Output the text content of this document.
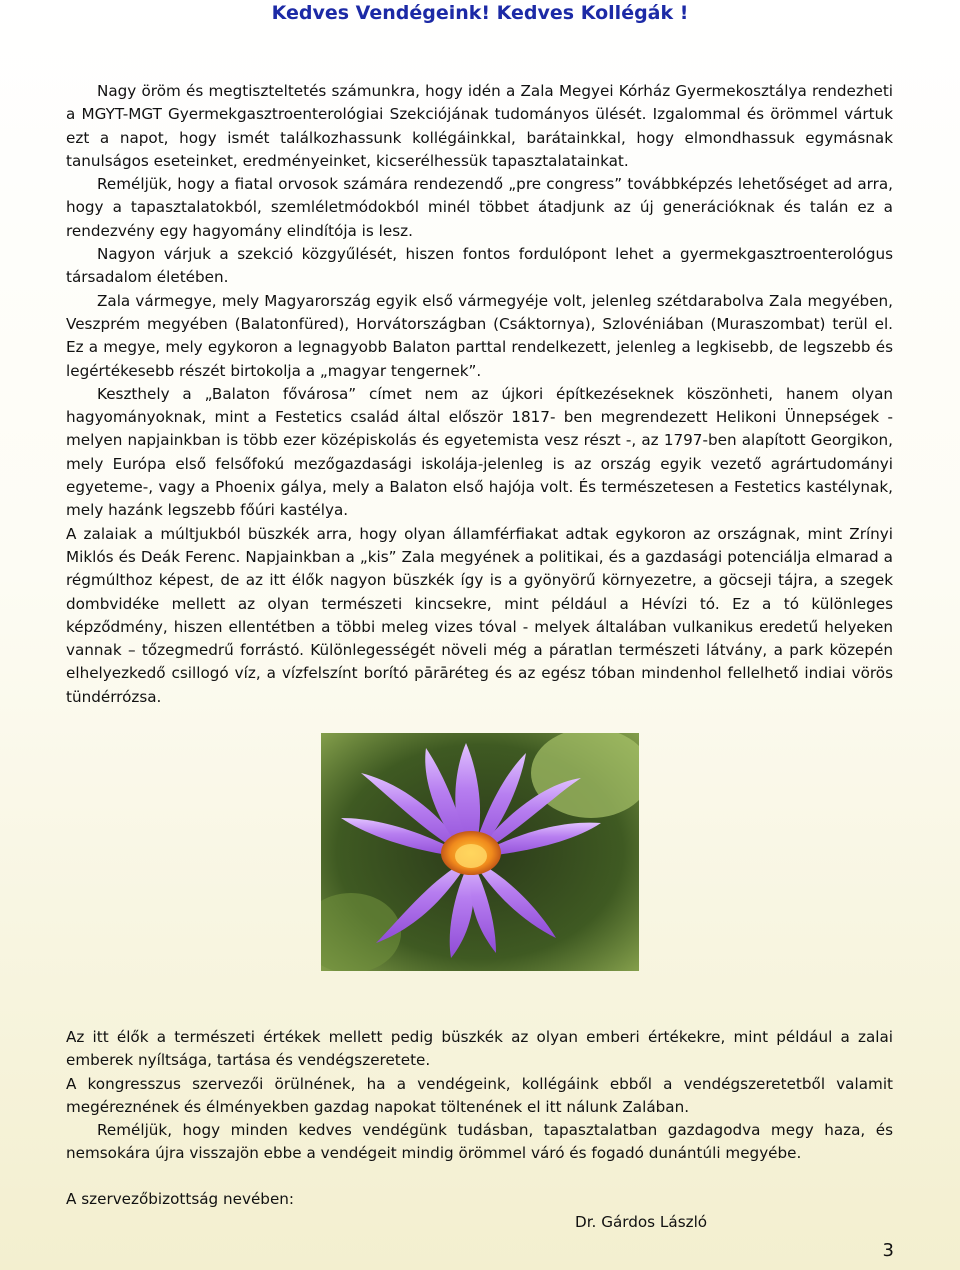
Kedves Vendégeink! Kedves Kollégák !

Nagy öröm és megtiszteltetés számunkra, hogy idén a Zala Megyei Kórház Gyermekosztálya rendezheti a MGYT-MGT Gyermekgasztroenterológiai Szekciójának tudományos ülését. Izgalommal és örömmel vártuk ezt a napot, hogy ismét találkozhassunk kollégáinkkal, barátainkkal, hogy elmondhassuk egymásnak tanulságos eseteinket, eredményeinket, kicserélhessük tapasztalatainkat.

Reméljük, hogy a fiatal orvosok számára rendezendő „pre congress” továbbképzés lehetőséget ad arra, hogy a tapasztalatokból, szemléletmódokból minél többet átadjunk az új generációknak és talán ez a rendezvény egy hagyomány elindítója is lesz.

Nagyon várjuk a szekció közgyűlését, hiszen fontos fordulópont lehet a gyermekgasztroenterológus társadalom életében.

Zala vármegye, mely Magyarország egyik első vármegyéje volt, jelenleg szétdarabolva Zala megyében, Veszprém megyében (Balatonfüred), Horvátországban (Csáktornya), Szlovéniában (Muraszombat) terül el. Ez a megye, mely egykoron a legnagyobb Balaton parttal rendelkezett, jelenleg a legkisebb, de legszebb és legértékesebb részét birtokolja a „magyar tengernek”.

Keszthely a „Balaton fővárosa” címet nem az újkori építkezéseknek köszönheti, hanem olyan hagyományoknak, mint a Festetics család által először 1817- ben megrendezett Helikoni Ünnepségek - melyen napjainkban is több ezer középiskolás és egyetemista vesz részt -, az 1797-ben alapított Georgikon, mely Európa első felsőfokú mezőgazdasági iskolája-jelenleg is az ország egyik vezető agrártudományi egyeteme-, vagy a Phoenix gálya, mely a Balaton első hajója volt. És természetesen a Festetics kastélynak, mely hazánk legszebb főúri kastélya.

A zalaiak a múltjukból büszkék arra, hogy olyan államférfiakat adtak egykoron az országnak, mint Zrínyi Miklós és Deák Ferenc. Napjainkban a „kis” Zala megyének a politikai, és a gazdasági potenciálja elmarad a régmúlthoz képest, de az itt élők nagyon büszkék így is a gyönyörű környezetre, a göcseji tájra, a szegek dombvidéke mellett az olyan természeti kincsekre, mint például a Hévízi tó. Ez a tó különleges képződmény, hiszen ellentétben a többi meleg vizes tóval - melyek általában vulkanikus eredetű helyeken vannak – tőzegmedrű forrástó. Különlegességét növeli még a páratlan természeti látvány, a park közepén elhelyezkedő csillogó víz, a vízfelszínt borító pārāréteg és az egész tóban mindenhol fellelhető indiai vörös tündérrózsa.

Az itt élők a természeti értékek mellett pedig büszkék az olyan emberi értékekre, mint például a zalai emberek nyíltsága, tartása és vendégszeretete.

A kongresszus szervezői örülnének, ha a vendégeink, kollégáink ebből a vendégszeretetből valamit megéreznének és élményekben gazdag napokat töltenének el itt nálunk Zalában.

Reméljük, hogy minden kedves vendégünk tudásban, tapasztalatban gazdagodva megy haza, és nemsokára újra visszajön ebbe a vendégeit mindig örömmel váró és fogadó dunántúli megyébe.

A szervezőbizottság nevében:
Dr. Gárdos László
3
